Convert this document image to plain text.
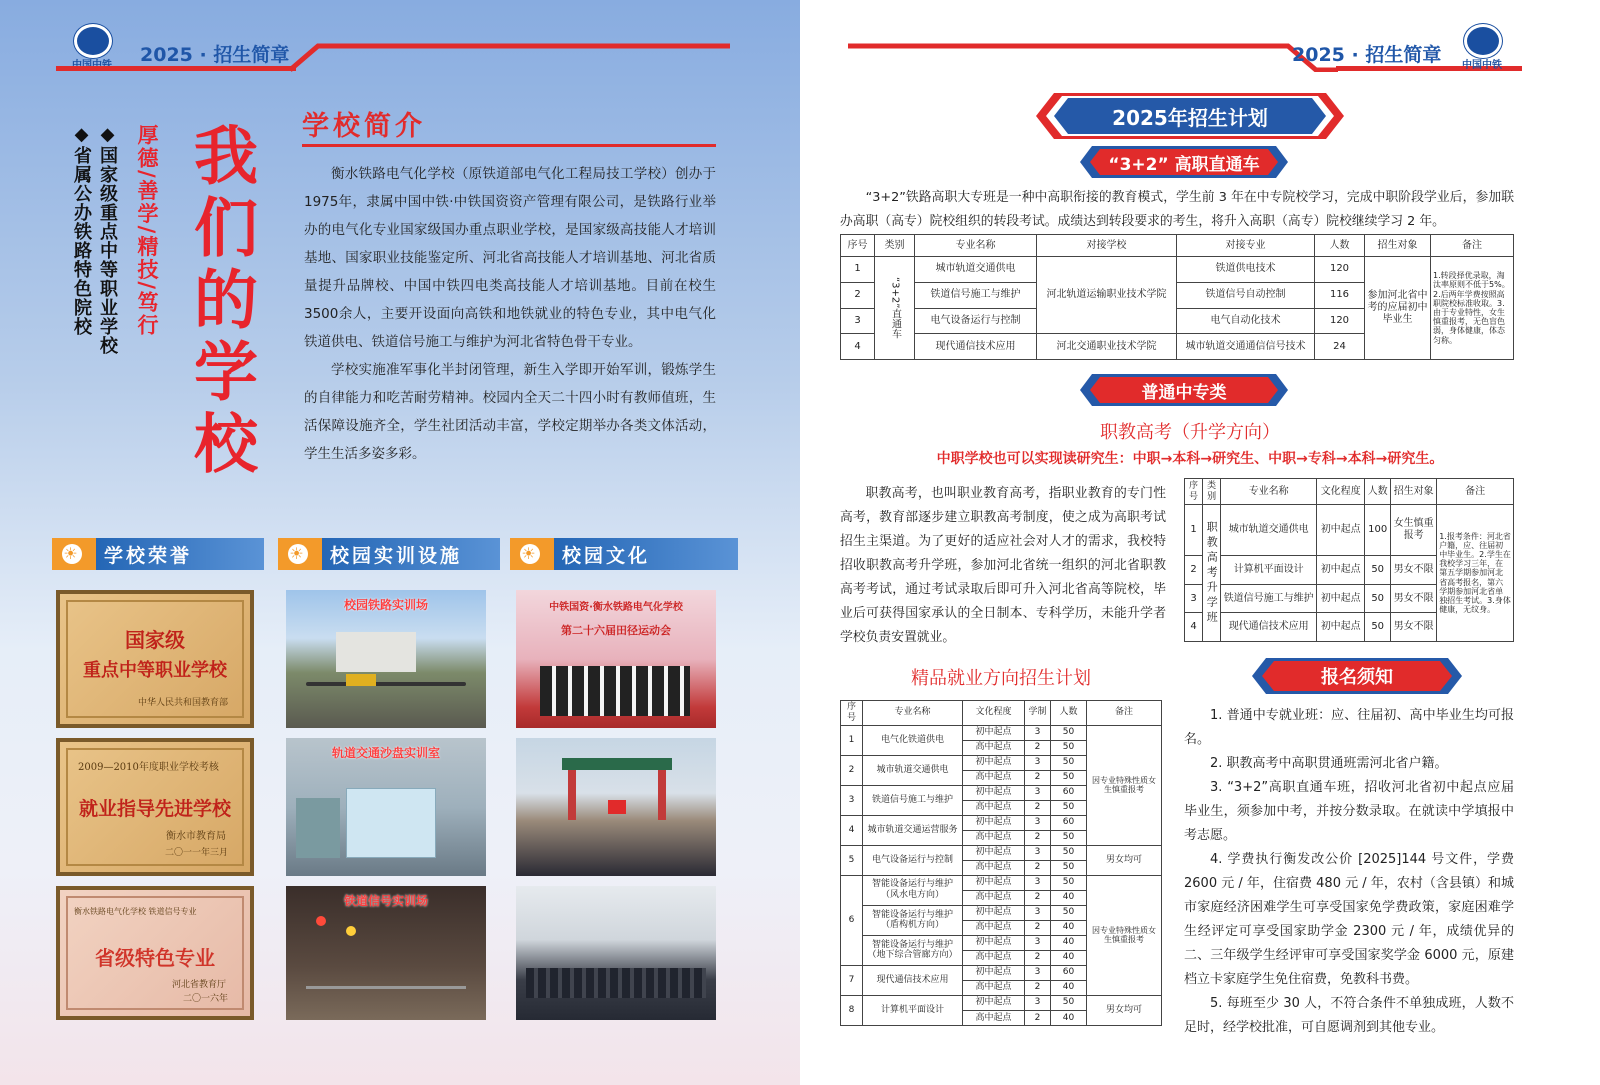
2025 · 招生简章
我们的学校
厚德/善学/精技/笃行
◆国家级重点中等职业学校
◆省属公办铁路特色院校	学校简介

衡水铁路电气化学校（原铁道部电气化工程局技工学校）创办于1975年，隶属中国中铁·中铁国资资产管理有限公司，是铁路行业举办的电气化专业国家级国办重点职业学校，是国家级高技能人才培训基地、国家职业技能鉴定所、河北省高技能人才培训基地、河北省质量提升品牌校、中国中铁四电类高技能人才培训基地。目前在校生3500余人，主要开设面向高铁和地铁就业的特色专业，其中电气化铁道供电、铁道信号施工与维护为河北省特色骨干专业。

学校实施准军事化半封闭管理，新生入学即开始军训，锻炼学生的自律能力和吃苦耐劳精神。校园内全天二十四小时有教师值班，生活保障设施齐全，学生社团活动丰富，学校定期举办各类文体活动，学生生活多姿多彩。

☀ 学校荣誉	☀ 校园实训设施	☀ 校园文化
国家级
重点中等职业学校
中华人民共和国教育部
2009—2010年度职业学校考核
就业指导先进学校
衡水市教育局
二〇一一年三月
衡水铁路电气化学校 铁道信号专业
省级特色专业
河北省教育厅
二〇一六年
校园铁路实训场
轨道交通沙盘实训室
铁道信号实训场
中铁国资·衡水铁路电气化学校
第二十六届田径运动会
2025 · 招生简章 中国中铁
2025年招生计划
“3+2” 高职直通车

“3+2”铁路高职大专班是一种中高职衔接的教育模式，学生前 3 年在中专院校学习，完成中职阶段学业后，参加联办高职（高专）院校组织的转段考试。成绩达到转段要求的考生，将升入高职（高专）院校继续学习 2 年。

序号	类别	专业名称	对接学校	对接专业	人数	招生对象	备注
1	“3+2”直通车	城市轨道交通供电	河北轨道运输职业技术学院	铁道供电技术	120	参加河北省中考的应届初中毕业生	1.转段择优录取，淘汰率原则不低于5%。2.后两年学费按照高职院校标准收取。3.由于专业特性，女生慎重报考，无色盲色弱，身体健康，体态匀称。
2		铁道信号施工与维护		铁道信号自动控制	116		
3		电气设备运行与控制		电气自动化技术	120		
4		现代通信技术应用	河北交通职业技术学院	城市轨道交通通信信号技术	24		
普通中专类
职教高考（升学方向）
中职学校也可以实现读研究生：中职→本科→研究生、中职→专科→本科→研究生。

职教高考，也叫职业教育高考，指职业教育的专门性高考，教育部逐步建立职教高考制度，使之成为高职考试招生主渠道。为了更好的适应社会对人才的需求，我校特招收职教高考升学班，参加河北省统一组织的河北省职教高考考试，通过考试录取后即可升入河北省高等院校，毕业后可获得国家承认的全日制本、专科学历，未能升学者学校负责安置就业。

序号	类别	专业名称	文化程度	人数	招生对象	备注
1	职教高考升学班	城市轨道交通供电	初中起点	100	女生慎重报考	1.报考条件：河北省户籍，应、往届初中毕业生。2.学生在我校学习三年，在第五学期参加河北省高考报名，第六学期参加河北省单独招生考试。3.身体健康，无纹身。
2		计算机平面设计	初中起点	50	男女不限	
3		铁道信号施工与维护	初中起点	50	男女不限	
4		现代通信技术应用	初中起点	50	男女不限	
精品就业方向招生计划
序号	专业名称	文化程度	学制	人数	备注
1	电气化铁道供电	初中起点	3	50	因专业特殊性质女生慎重报考
		高中起点	2	50	
2	城市轨道交通供电	初中起点	3	50	
		高中起点	2	50	
3	铁道信号施工与维护	初中起点	3	60	
		高中起点	2	50	
4	城市轨道交通运营服务	初中起点	3	60	
		高中起点	2	50	
5	电气设备运行与控制	初中起点	3	50	男女均可
		高中起点	2	50	
6	智能设备运行与维护（风水电方向）	初中起点	3	50	因专业特殊性质女生慎重报考
		高中起点	2	40	
	智能设备运行与维护（盾构机方向）	初中起点	3	50	
		高中起点	2	40	
	智能设备运行与维护（地下综合管廊方向）	初中起点	3	40	
		高中起点	2	40	
7	现代通信技术应用	初中起点	3	60	
		高中起点	2	40	
8	计算机平面设计	初中起点	3	50	男女均可
		高中起点	2	40	
报名须知

1. 普通中专就业班：应、往届初、高中毕业生均可报名。

2. 职教高考中高职贯通班需河北省户籍。

3. “3+2”高职直通车班，招收河北省初中起点应届毕业生，须参加中考，并按分数录取。在就读中学填报中考志愿。

4. 学费执行衡发改公价 [2025]144 号文件，学费 2600 元 / 年，住宿费 480 元 / 年，农村（含县镇）和城市家庭经济困难学生可享受国家免学费政策，家庭困难学生经评定可享受国家助学金 2300 元 / 年，成绩优异的二、三年级学生经评审可享受国家奖学金 6000 元，原建档立卡家庭学生免住宿费，免教科书费。

5. 每班至少 30 人，不符合条件不单独成班，人数不足时，经学校批准，可自愿调剂到其他专业。
